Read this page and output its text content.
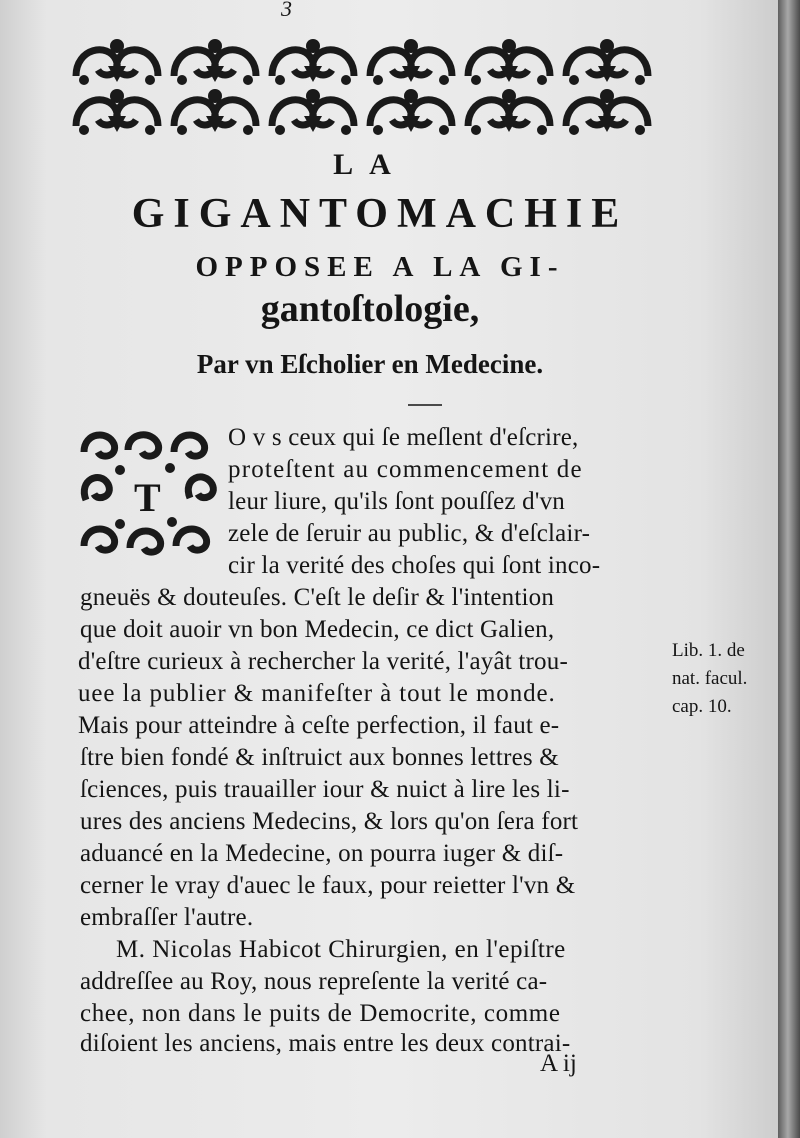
3
LA
GIGANTOMACHIE
OPPOSEE A LA GI-
gantoſtologie,
Par vn Eſcholier en Medecine.
T
O v s ceux qui ſe meſlent d'eſcrire,
proteſtent au commencement de
leur liure, qu'ils ſont pouſſez d'vn
zele de ſeruir au public, & d'eſclair-
cir la verité des choſes qui ſont inco-
gneuës & douteuſes. C'eſt le deſir & l'intention
que doit auoir vn bon Medecin, ce dict Galien,
d'eſtre curieux à rechercher la verité, l'ayât trou-
uee la publier & manifeſter à tout le monde.
Mais pour atteindre à ceſte perfection, il faut e-
ſtre bien fondé & inſtruict aux bonnes lettres &
ſciences, puis trauailler iour & nuict à lire les li-
ures des anciens Medecins, & lors qu'on ſera fort
aduancé en la Medecine, on pourra iuger & diſ-
cerner le vray d'auec le faux, pour reietter l'vn &
embraſſer l'autre.
M. Nicolas Habicot Chirurgien, en l'epiſtre
addreſſee au Roy, nous repreſente la verité ca-
chee, non dans le puits de Democrite, comme
diſoient les anciens, mais entre les deux contrai-
Lib. 1. de
nat. facul.
cap. 10.
A ij
